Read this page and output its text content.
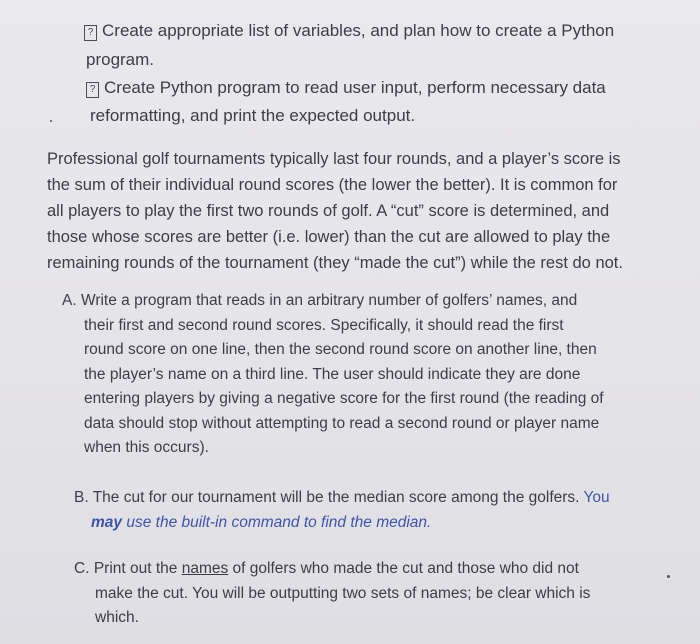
? Create appropriate list of variables, and plan how to create a Python
program.
? Create Python program to read user input, perform necessary data
reformatting, and print the expected output.
Professional golf tournaments typically last four rounds, and a player’s score is
the sum of their individual round scores (the lower the better). It is common for
all players to play the first two rounds of golf. A “cut” score is determined, and
those whose scores are better (i.e. lower) than the cut are allowed to play the
remaining rounds of the tournament (they “made the cut”) while the rest do not.
A. Write a program that reads in an arbitrary number of golfers’ names, and
their first and second round scores. Specifically, it should read the first
round score on one line, then the second round score on another line, then
the player’s name on a third line. The user should indicate they are done
entering players by giving a negative score for the first round (the reading of
data should stop without attempting to read a second round or player name
when this occurs).
B. The cut for our tournament will be the median score among the golfers. You
may use the built-in command to find the median.
C. Print out the names of golfers who made the cut and those who did not
make the cut. You will be outputting two sets of names; be clear which is
which.
